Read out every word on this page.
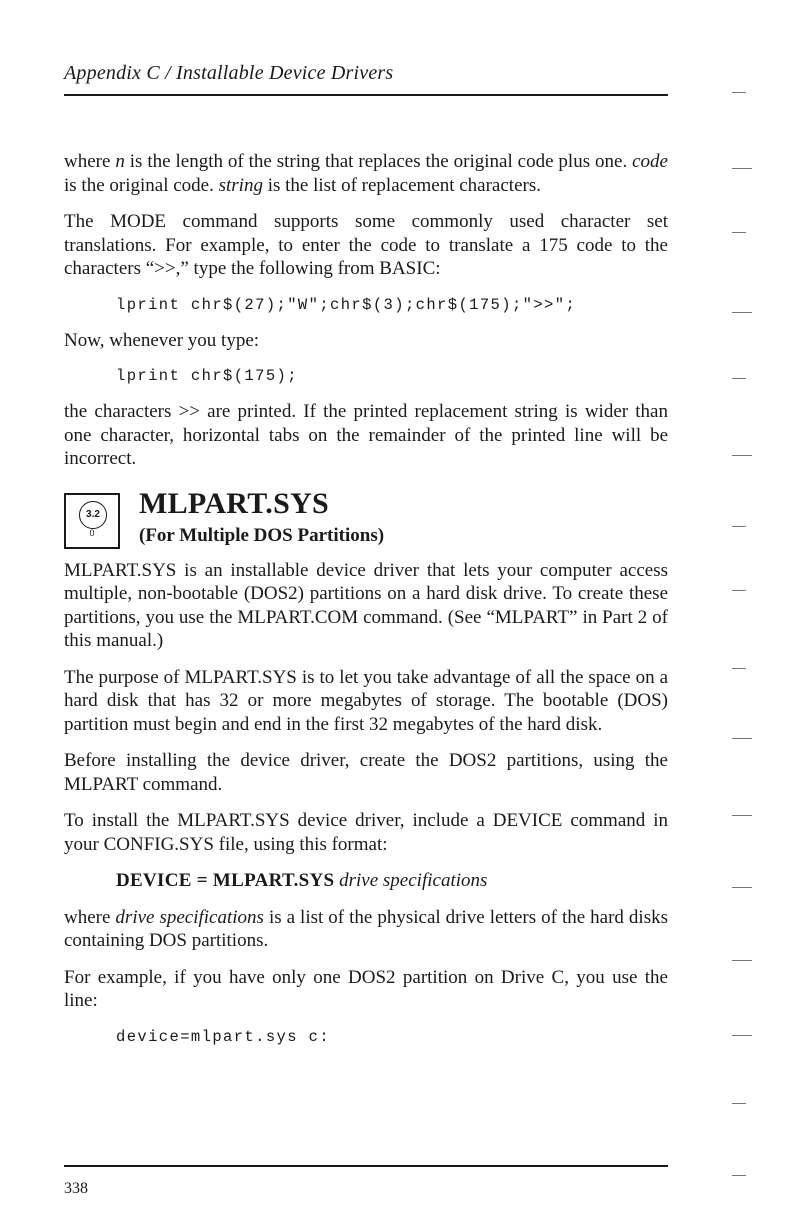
Appendix C / Installable Device Drivers

where n is the length of the string that replaces the original code plus one. code is the original code. string is the list of replacement characters.

The MODE command supports some commonly used character set translations. For example, to enter the code to translate a 175 code to the characters “>>,” type the following from BASIC:

lprint chr$(27);"W";chr$(3);chr$(175);">>";

Now, whenever you type:

lprint chr$(175);

the characters >> are printed. If the printed replacement string is wider than one character, horizontal tabs on the remainder of the printed line will be incorrect.

3.2
0
MLPART.SYS
(For Multiple DOS Partitions)

MLPART.SYS is an installable device driver that lets your computer access multiple, non-bootable (DOS2) partitions on a hard disk drive. To create these partitions, you use the MLPART.COM command. (See “MLPART” in Part 2 of this manual.)

The purpose of MLPART.SYS is to let you take advantage of all the space on a hard disk that has 32 or more megabytes of storage. The bootable (DOS) partition must begin and end in the first 32 megabytes of the hard disk.

Before installing the device driver, create the DOS2 partitions, using the MLPART command.

To install the MLPART.SYS device driver, include a DEVICE command in your CONFIG.SYS file, using this format:

DEVICE = MLPART.SYS drive specifications

where drive specifications is a list of the physical drive letters of the hard disks containing DOS partitions.

For example, if you have only one DOS2 partition on Drive C, you use the line:

device=mlpart.sys c:
338
